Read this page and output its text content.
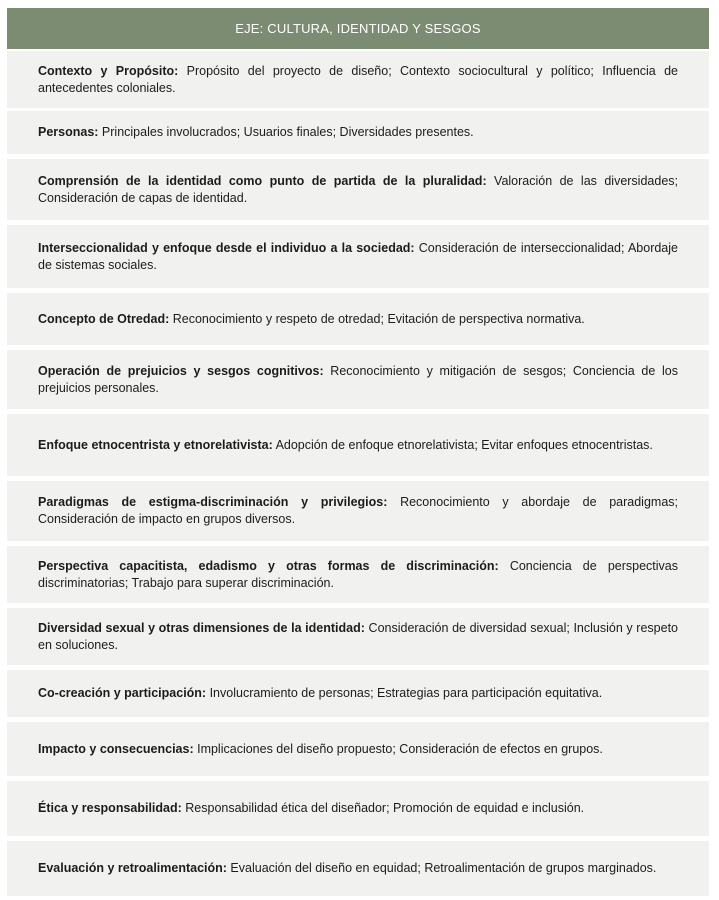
EJE: CULTURA, IDENTIDAD Y SESGOS
Contexto y Propósito: Propósito del proyecto de diseño; Contexto sociocultural y político; Influencia de antecedentes coloniales.
Personas: Principales involucrados; Usuarios finales; Diversidades presentes.
Comprensión de la identidad como punto de partida de la pluralidad: Valoración de las diversidades; Consideración de capas de identidad.
Interseccionalidad y enfoque desde el individuo a la sociedad: Consideración de interseccionalidad; Abordaje de sistemas sociales.
Concepto de Otredad: Reconocimiento y respeto de otredad; Evitación de perspectiva normativa.
Operación de prejuicios y sesgos cognitivos: Reconocimiento y mitigación de sesgos; Conciencia de los prejuicios personales.
Enfoque etnocentrista y etnorelativista: Adopción de enfoque etnorelativista; Evitar enfoques etnocentristas.
Paradigmas de estigma-discriminación y privilegios: Reconocimiento y abordaje de paradigmas; Consideración de impacto en grupos diversos.
Perspectiva capacitista, edadismo y otras formas de discriminación: Conciencia de perspectivas discriminatorias; Trabajo para superar discriminación.
Diversidad sexual y otras dimensiones de la identidad: Consideración de diversidad sexual; Inclusión y respeto en soluciones.
Co-creación y participación: Involucramiento de personas; Estrategias para participación equitativa.
Impacto y consecuencias: Implicaciones del diseño propuesto; Consideración de efectos en grupos.
Ética y responsabilidad: Responsabilidad ética del diseñador; Promoción de equidad e inclusión.
Evaluación y retroalimentación: Evaluación del diseño en equidad; Retroalimentación de grupos marginados.
